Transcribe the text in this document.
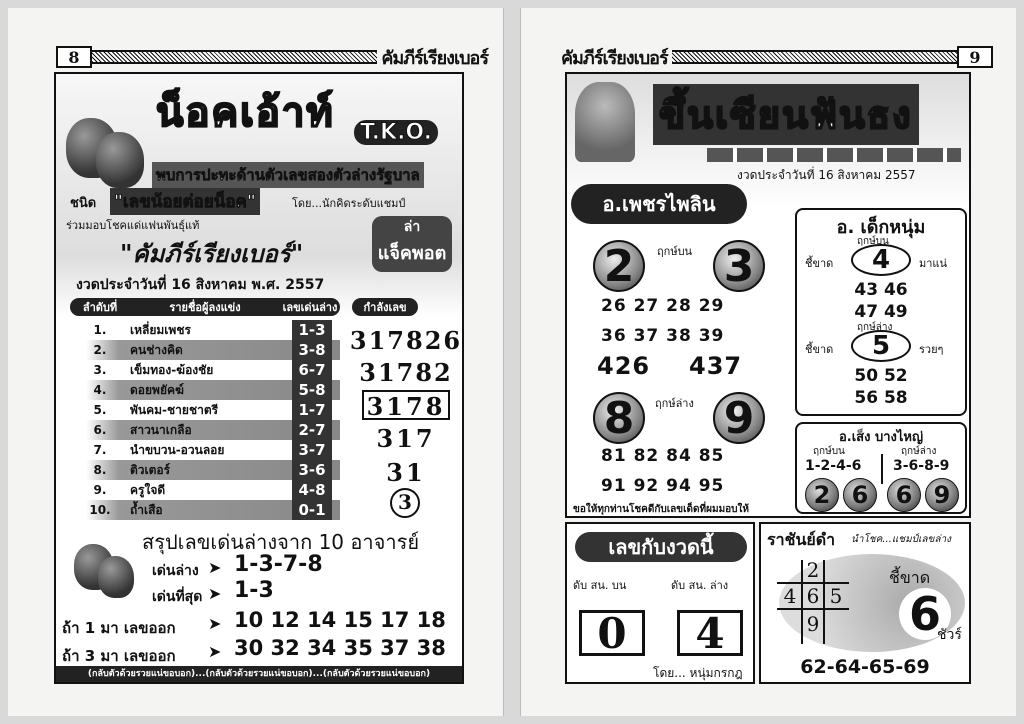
8	คัมภีร์เรียงเบอร์
น็อคเอ้าท์ T.K.O.
พบการปะทะด้านตัวเลขสองตัวล่างรัฐบาล
ชนิด "เลขน้อยต่อยน็อค"	โดย...นักคิดระดับแชมป์
ร่วมมอบโชคแด่แฟนพันธุ์แท้
"คัมภีร์เรียงเบอร์"
ล่า
แจ็คพอต
งวดประจำวันที่ 16 สิงหาคม พ.ศ. 2557
ลำดับที่	รายชื่อผู้ลงแข่ง	เลขเด่นล่าง	กำลังเลข
1.	เหลี่ยมเพชร	1-3
2.	คนช่างคิด	3-8
3.	เข็มทอง-ฆ้องชัย	6-7
4.	ดอยพยัคฆ์	5-8
5.	พันคม-ชายชาตรี	1-7
6.	สาวนาเกลือ	2-7
7.	นำขบวน-อวนลอย	3-7
8.	ติวเตอร์	3-6
9.	ครูใจดี	4-8
10.	ถ้ำเสือ	0-1
317826
31782
3178
317
31
3
สรุปเลขเด่นล่างจาก 10 อาจารย์
เด่นล่าง ➤ 1-3-7-8
เด่นที่สุด ➤ 1-3
ถ้า 1 มา เลขออก ➤ 10 12 14 15 17 18
ถ้า 3 มา เลขออก ➤ 30 32 34 35 37 38
(กลับตัวด้วยรวยแน่ขอบอก)...(กลับตัวด้วยรวยแน่ขอบอก)...(กลับตัวด้วยรวยแน่ขอบอก)
คัมภีร์เรียงเบอร์	9
ขึ้นเซียนฟันธง
งวดประจำวันที่ 16 สิงหาคม 2557
อ.เพชรไพลิน
2	ฤกษ์บน 3
26 27 28 29
36 37 38 39
426 437
8	ฤกษ์ล่าง 9
81 82 84 85
91 92 94 95
ขอให้ทุกท่านโชคดีกับเลขเด็ดที่ผมมอบให้
อ. เด็กหนุ่ม
ฤกษ์บน
ชี้ขาด	4	มาแน่
43 46
47 49
ฤกษ์ล่าง
ชี้ขาด	5	รวยๆ
50 52
56 58
อ.เส็ง บางไหญ่
ฤกษ์บน	ฤกษ์ล่าง
1-2-4-6 3-6-8-9
2 6	6 9
เลขกับงวดนี้
ดับ สน. บน	ดับ สน. ล่าง
0	4
โดย... หนุ่มกรกฎ
ราชันย์ดำ นำโชค...แชมป์เลขล่าง
2
4 6 5
9
ชี้ขาด
6
ชัวร์
62-64-65-69
